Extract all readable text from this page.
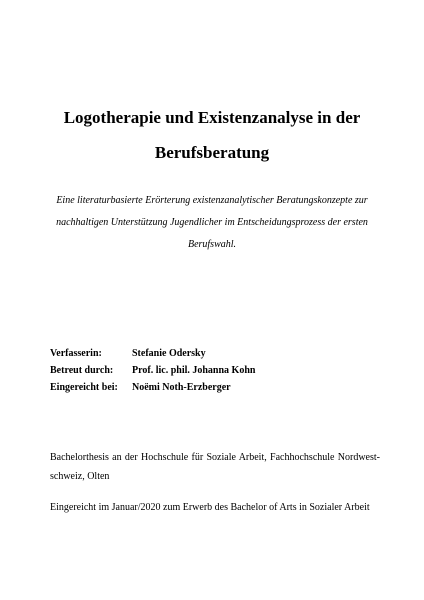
Logotherapie und Existenzanalyse in der
Berufsberatung
Eine literaturbasierte Erörterung existenzanalytischer Beratungskonzepte zur
nachhaltigen Unterstützung Jugendlicher im Entscheidungsprozess der ersten
Berufswahl.
Verfasserin:	Stefanie Odersky
Betreut durch:	Prof. lic. phil. Johanna Kohn
Eingereicht bei:	Noëmi Noth-Erzberger
Bachelorthesis an der Hochschule für Soziale Arbeit, Fachhochschule Nordwest-
schweiz, Olten
Eingereicht im Januar/2020 zum Erwerb des Bachelor of Arts in Sozialer Arbeit
